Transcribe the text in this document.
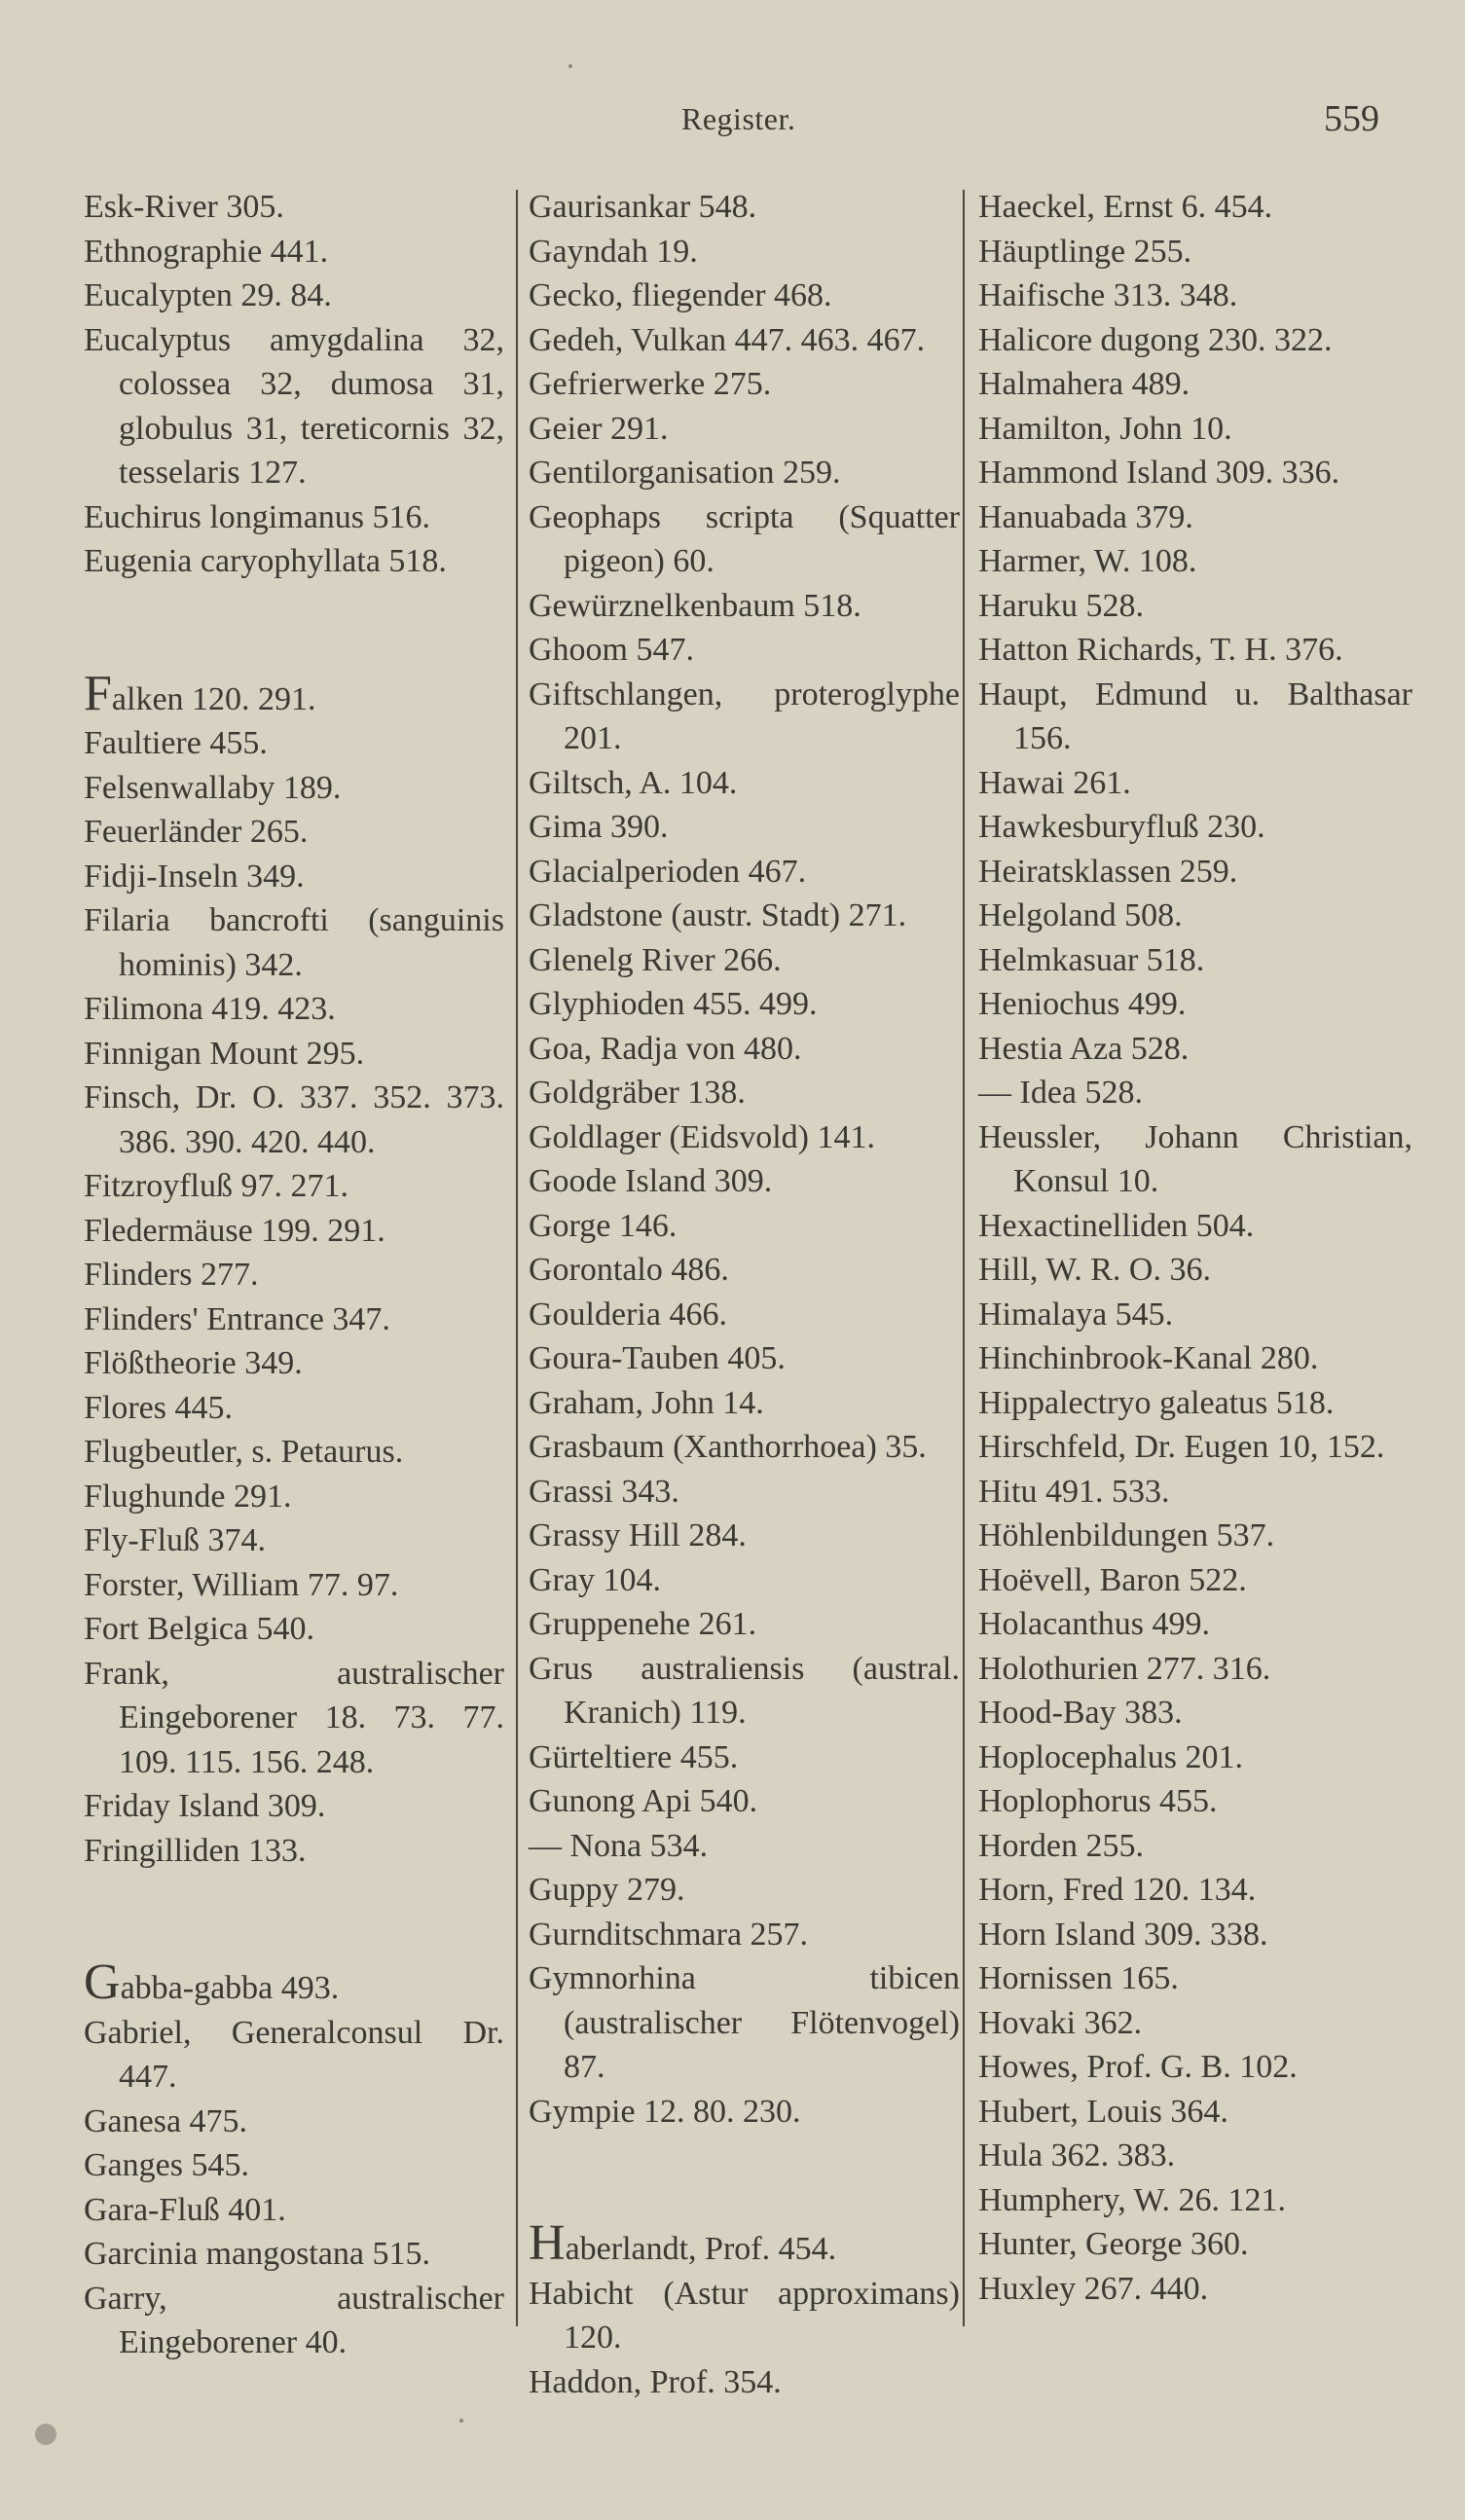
Register.	559
Esk-River 305.
Ethnographie 441.
Eucalypten 29. 84.
Eucalyptus amygdalina 32, colossea 32, dumosa 31, globulus 31, tereticornis 32, tesselaris 127.
Euchirus longimanus 516.
Eugenia caryophyllata 518.
Falken 120. 291.
Faultiere 455.
Felsenwallaby 189.
Feuerländer 265.
Fidji-Inseln 349.
Filaria bancrofti (sanguinis hominis) 342.
Filimona 419. 423.
Finnigan Mount 295.
Finsch, Dr. O. 337. 352. 373. 386. 390. 420. 440.
Fitzroyfluß 97. 271.
Fledermäuse 199. 291.
Flinders 277.
Flinders' Entrance 347.
Flößtheorie 349.
Flores 445.
Flugbeutler, s. Petaurus.
Flughunde 291.
Fly-Fluß 374.
Forster, William 77. 97.
Fort Belgica 540.
Frank, australischer Eingeborener 18. 73. 77. 109. 115. 156. 248.
Friday Island 309.
Fringilliden 133.
Gabba-gabba 493.
Gabriel, Generalconsul Dr. 447.
Ganesa 475.
Ganges 545.
Gara-Fluß 401.
Garcinia mangostana 515.
Garry, australischer Eingeborener 40.
Gaurisankar 548.
Gayndah 19.
Gecko, fliegender 468.
Gedeh, Vulkan 447. 463. 467.
Gefrierwerke 275.
Geier 291.
Gentilorganisation 259.
Geophaps scripta (Squatter pigeon) 60.
Gewürznelkenbaum 518.
Ghoom 547.
Giftschlangen, proteroglyphe 201.
Giltsch, A. 104.
Gima 390.
Glacialperioden 467.
Gladstone (austr. Stadt) 271.
Glenelg River 266.
Glyphioden 455. 499.
Goa, Radja von 480.
Goldgräber 138.
Goldlager (Eidsvold) 141.
Goode Island 309.
Gorge 146.
Gorontalo 486.
Goulderia 466.
Goura-Tauben 405.
Graham, John 14.
Grasbaum (Xanthorrhoea) 35.
Grassi 343.
Grassy Hill 284.
Gray 104.
Gruppenehe 261.
Grus australiensis (austral. Kranich) 119.
Gürteltiere 455.
Gunong Api 540.
— Nona 534.
Guppy 279.
Gurnditschmara 257.
Gymnorhina tibicen (australischer Flötenvogel) 87.
Gympie 12. 80. 230.
Haberlandt, Prof. 454.
Habicht (Astur approximans) 120.
Haddon, Prof. 354.
Haeckel, Ernst 6. 454.
Häuptlinge 255.
Haifische 313. 348.
Halicore dugong 230. 322.
Halmahera 489.
Hamilton, John 10.
Hammond Island 309. 336.
Hanuabada 379.
Harmer, W. 108.
Haruku 528.
Hatton Richards, T. H. 376.
Haupt, Edmund u. Balthasar 156.
Hawai 261.
Hawkesburyfluß 230.
Heiratsklassen 259.
Helgoland 508.
Helmkasuar 518.
Heniochus 499.
Hestia Aza 528.
— Idea 528.
Heussler, Johann Christian, Konsul 10.
Hexactinelliden 504.
Hill, W. R. O. 36.
Himalaya 545.
Hinchinbrook-Kanal 280.
Hippalectryo galeatus 518.
Hirschfeld, Dr. Eugen 10, 152.
Hitu 491. 533.
Höhlenbildungen 537.
Hoëvell, Baron 522.
Holacanthus 499.
Holothurien 277. 316.
Hood-Bay 383.
Hoplocephalus 201.
Hoplophorus 455.
Horden 255.
Horn, Fred 120. 134.
Horn Island 309. 338.
Hornissen 165.
Hovaki 362.
Howes, Prof. G. B. 102.
Hubert, Louis 364.
Hula 362. 383.
Humphery, W. 26. 121.
Hunter, George 360.
Huxley 267. 440.
